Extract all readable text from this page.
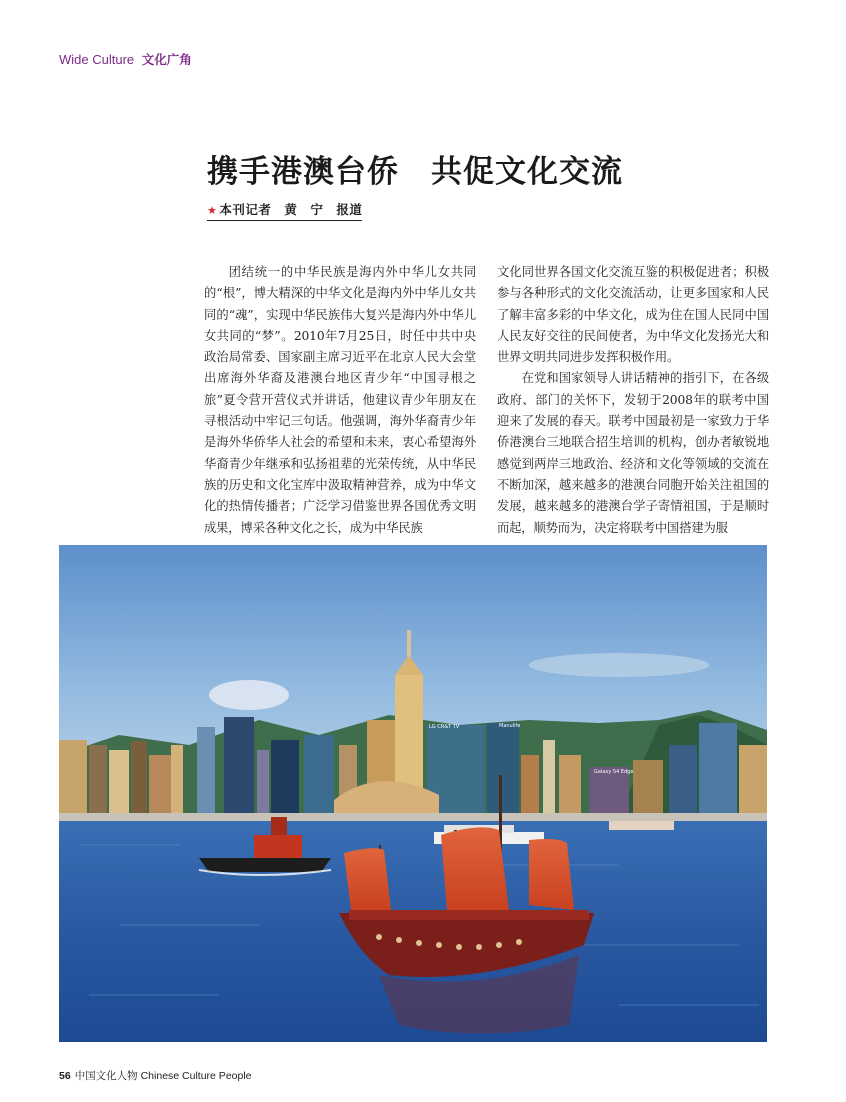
Wide Culture 文化广角
携手港澳台侨 共促文化交流
★ 本刊记者　黄　宁　报道

团结统一的中华民族是海内外中华儿女共同的“根”，博大精深的中华文化是海内外中华儿女共同的“魂”，实现中华民族伟大复兴是海内外中华儿女共同的“梦”。2010年7月25日，时任中共中央政治局常委、国家副主席习近平在北京人民大会堂出席海外华裔及港澳台地区青少年“中国寻根之旅”夏令营开营仪式并讲话，他建议青少年朋友在寻根活动中牢记三句话。他强调，海外华裔青少年是海外华侨华人社会的希望和未来，衷心希望海外华裔青少年继承和弘扬祖辈的光荣传统，从中华民族的历史和文化宝库中汲取精神营养，成为中华文化的热情传播者；广泛学习借鉴世界各国优秀文明成果，博采各种文化之长，成为中华民族

文化同世界各国文化交流互鉴的积极促进者；积极参与各种形式的文化交流活动，让更多国家和人民了解丰富多彩的中华文化，成为住在国人民同中国人民友好交往的民间使者，为中华文化发扬光大和世界文明共同进步发挥积极作用。

在党和国家领导人讲话精神的指引下，在各级政府、部门的关怀下，发轫于2008年的联考中国迎来了发展的春天。联考中国最初是一家致力于华侨港澳台三地联合招生培训的机构，创办者敏锐地感觉到两岸三地政治、经济和文化等领域的交流在不断加深，越来越多的港澳台同胞开始关注祖国的发展，越来越多的港澳台学子寄情祖国，于是顺时而起，顺势而为，决定将联考中国搭建为服

Manulife
LG CR&T TV
Galaxy S4 Edge
56 中国文化人物 Chinese Culture People
